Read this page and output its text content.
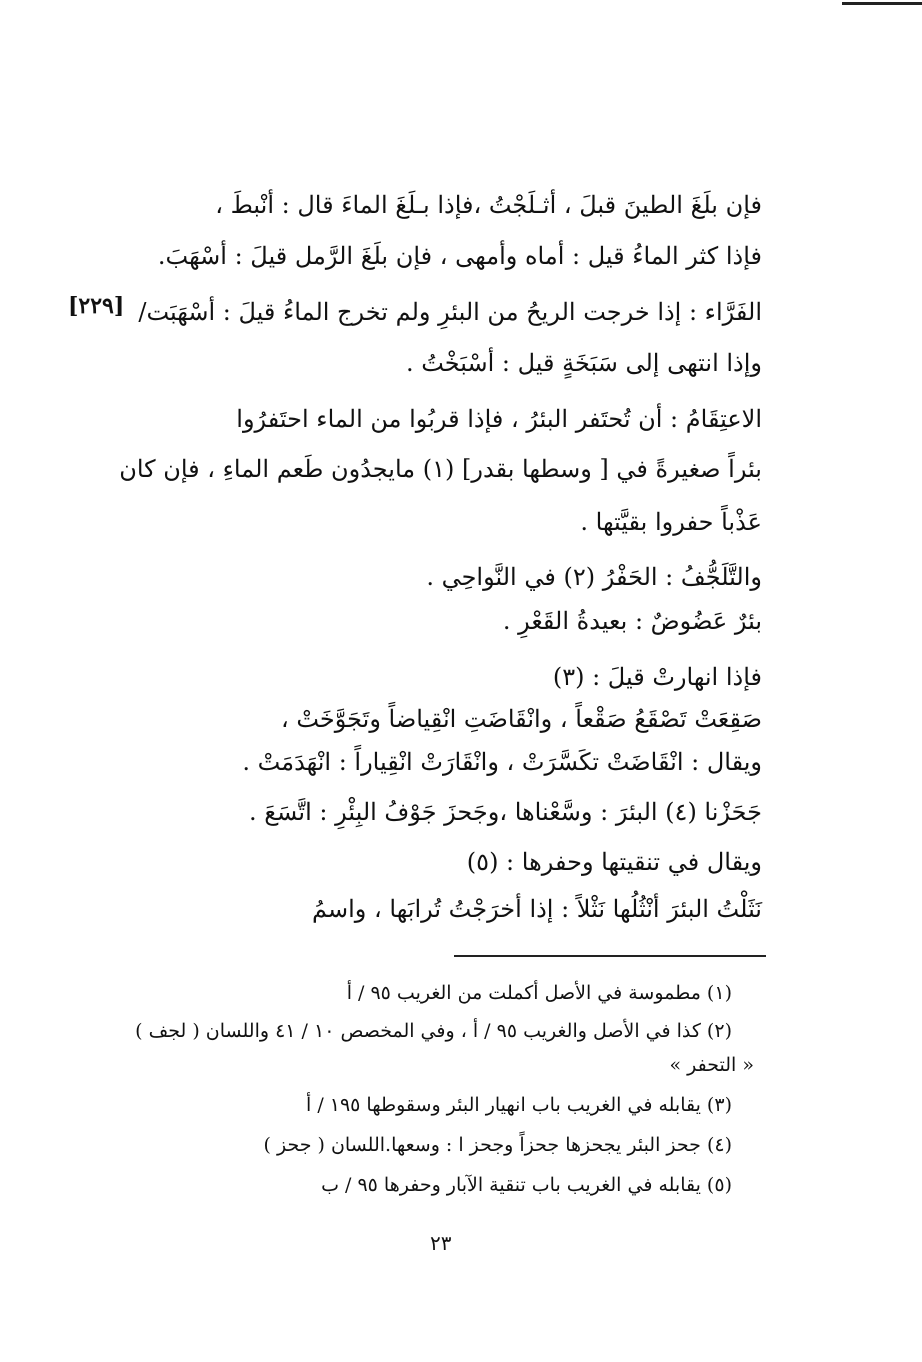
فإن بلَغَ الطينَ قبلَ ، أثـلَجْتُ ،فإذا بـلَغَ الماءَ قال : أنْبطَ ،
فإذا كثر الماءُ قيل : أماه وأمهى ، فإن بلَغَ الرَّمل قيلَ : أسْهَبَ.
الفَرَّاء : إذا خرجت الريحُ من البئرِ ولم تخرج الماءُ قيلَ : أسْهَبَت/
وإذا انتهى إلى سَبَخَةٍ قيل : أسْبَخْتُ .
الاعتِقَامُ : أن تُحتَفر البئرُ ، فإذا قربُوا من الماء احتَفرُوا
بئراً صغيرةً في [ وسطها بقدر] (١) مايجدُون طَعم الماءِ ، فإن كان
عَذْباً حفروا بقيَّتها .
والتَّلَجُّفُ : الحَفْرُ (٢) في النَّواحِي .
بئرٌ عَضُوضٌ : بعيدةُ القَعْرِ .
فإذا انهارتْ قيلَ : (٣)
صَقِعَتْ تَصْقَعُ صَقْعاً ، وانْقَاضَتِ انْقِياضاً وتَجَوَّخَتْ ،
ويقال : انْقَاضَتْ تكَسَّرَتْ ، وانْقَارَتْ انْقِياراً : انْهَدَمَتْ .
جَحَزْنا (٤) البئرَ : وسَّعْناها ،وجَحزَ جَوْفُ البِئْرِ : اتَّسَعَ .
ويقال في تنقيتها وحفرها : (٥)
نَثَلْتُ البئرَ أنْثُلُها نَثْلاً : إذا أخرَجْتُ تُرابَها ، واسمُ
[٢٢٩]
(١) مطموسة في الأصل أكملت من الغريب ٩٥ / أ
(٢) كذا في الأصل والغريب ٩٥ / أ ، وفي المخصص ١٠ / ٤١ واللسان ( لجف )
« التحفر »
(٣) يقابله في الغريب باب انهيار البئر وسقوطها ١٩٥ / أ
(٤) جحز البئر يجحزها جحزاً وجحز ا : وسعها.اللسان ( جحز )
(٥) يقابله في الغريب باب تنقية الآبار وحفرها ٩٥ / ب
٢٣
